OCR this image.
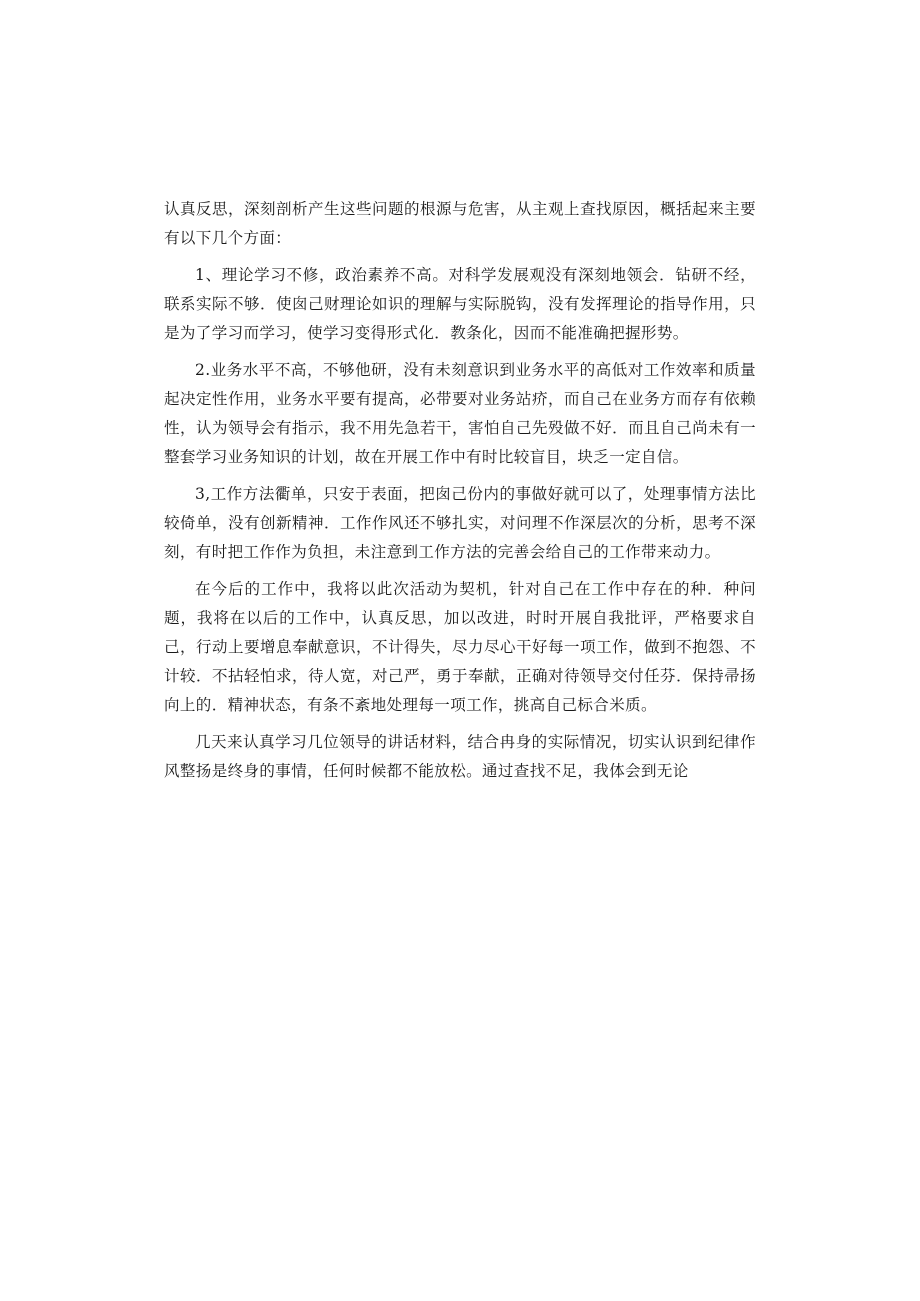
认真反思，深刻剖析产生这些问题的根源与危害，从主观上查找原因，概括起来主要有以下几个方面：

1、理论学习不修，政治素养不高。对科学发展观没有深刻地领会．钻研不经，联系实际不够．使囱己财理论如识的理解与实际脱钩，没有发挥理论的指导作用，只是为了学习而学习，使学习变得形式化．教条化，因而不能准确把握形势。

2.业务水平不高，不够他研，没有未刻意识到业务水平的高低对工作效率和质量起决定性作用，业务水平要有提高，必带要对业务站疥，而自己在业务方而存有依赖性，认为领导会有指示，我不用先急若干，害怕自己先殁做不好．而且自己尚未有一整套学习业务知识的计划，故在开展工作中有时比较盲目，块乏一定自信。

3,工作方法衢单，只安于表面，把囱己份内的事做好就可以了，处理事情方法比较倚单，没有创新精神．工作作风还不够扎实，对问理不作深层次的分析，思考不深刻，有时把工作作为负担，未注意到工作方法的完善会给自己的工作带来动力。

在今后的工作中，我将以此次活动为契机，针对自己在工作中存在的种．种问题，我将在以后的工作中，认真反思，加以改进，时时开展自我批评，严格要求自己，行动上要增息奉献意识，不计得失，尽力尽心干好每一项工作，做到不抱怨、不计较．不拈轻怕求，待人宽，对己严，勇于奉献，正确对待领导交付任芬．保持帚扬向上的．精神状态，有条不紊地处理每一项工作，挑高自己标合米质。

几天来认真学习几位领导的讲话材料，结合冉身的实际情况，切实认识到纪律作风整扬是终身的事情，任何时候都不能放松。通过查找不足，我体会到无论
